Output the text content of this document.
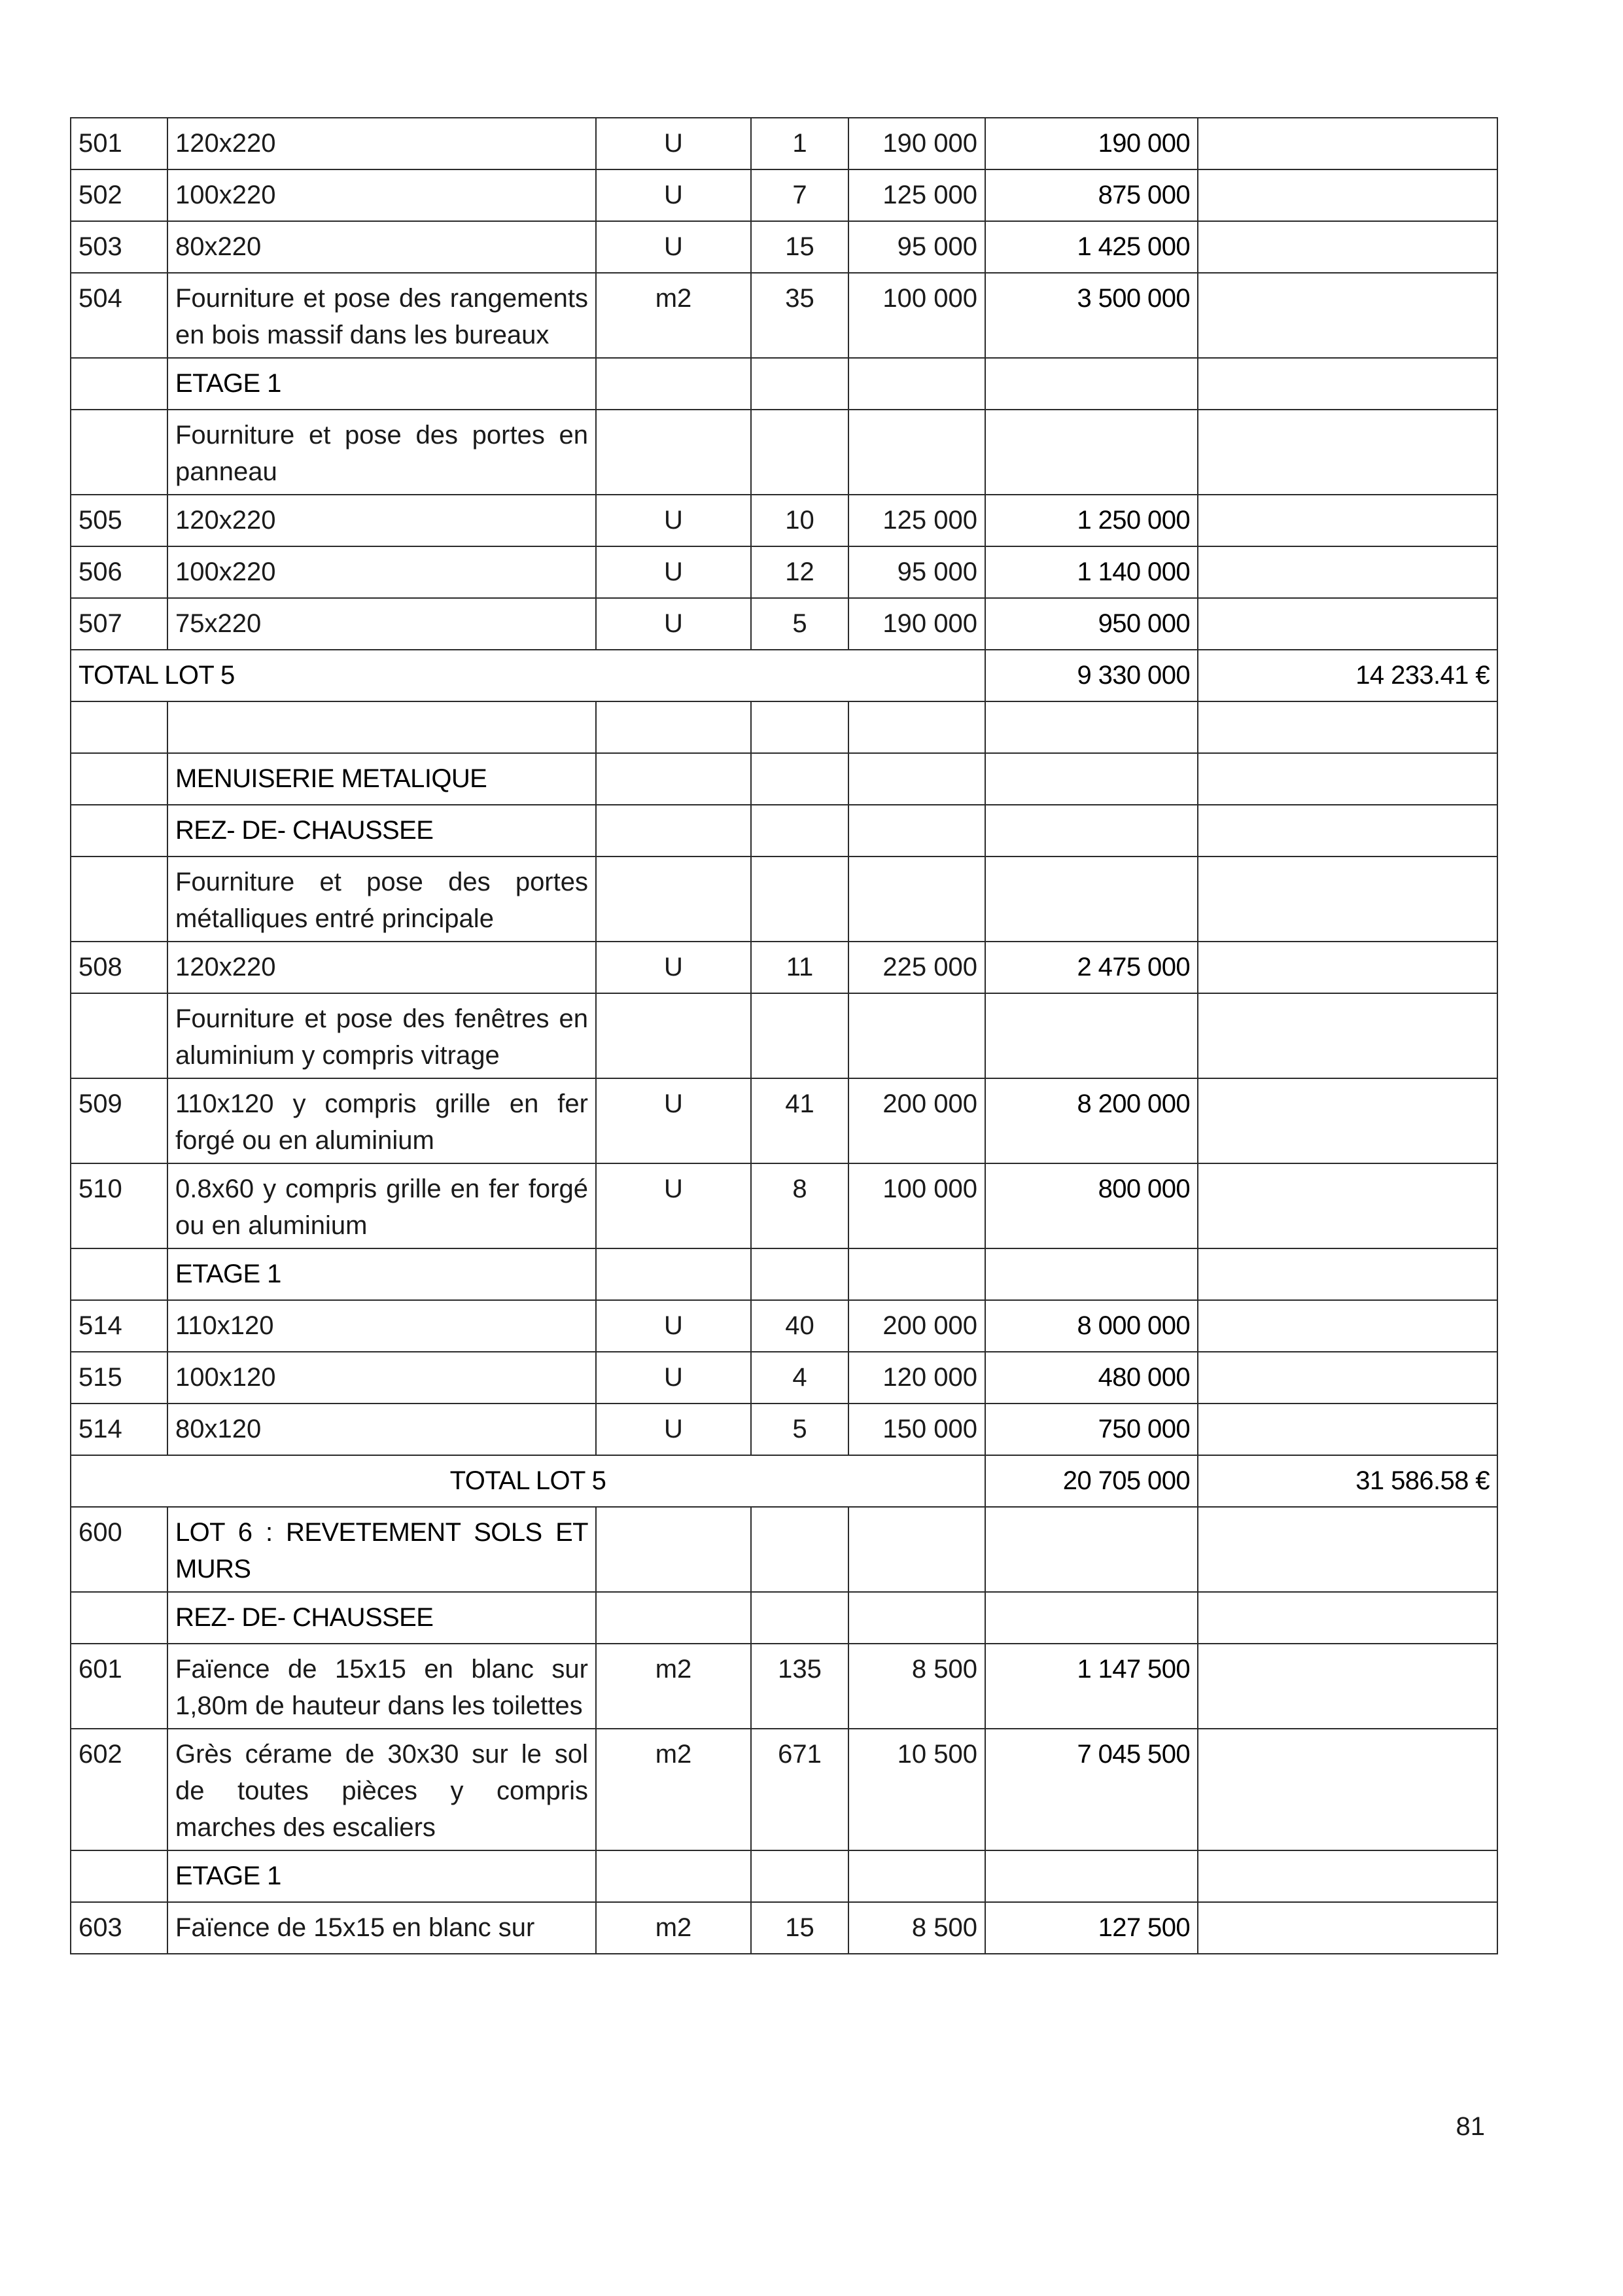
501	120x220	U	1	190 000	190 000	
502	100x220	U	7	125 000	875 000	
503	80x220	U	15	95 000	1 425 000	
504	Fourniture et pose des rangements en bois massif dans les bureaux	m2	35	100 000	3 500 000	
	ETAGE 1					
	Fourniture et pose des portes en panneau					
505	120x220	U	10	125 000	1 250 000	
506	100x220	U	12	95 000	1 140 000	
507	75x220	U	5	190 000	950 000	
TOTAL LOT 5					9 330 000	14 233.41 €

	MENUISERIE METALIQUE					
	REZ- DE- CHAUSSEE					
	Fourniture et pose des portes métalliques entré principale					
508	120x220	U	11	225 000	2 475 000	
	Fourniture et pose des fenêtres en aluminium y compris vitrage					
509	110x120 y compris grille en fer forgé ou en aluminium	U	41	200 000	8 200 000	
510	0.8x60 y compris grille en fer forgé ou en aluminium	U	8	100 000	800 000	
	ETAGE 1					
514	110x120	U	40	200 000	8 000 000	
515	100x120	U	4	120 000	480 000	
514	80x120	U	5	150 000	750 000	
TOTAL LOT 5					20 705 000	31 586.58 €
600	LOT 6 : REVETEMENT SOLS ET MURS					
	REZ- DE- CHAUSSEE					
601	Faïence de 15x15 en blanc sur 1,80m de hauteur dans les toilettes	m2	135	8 500	1 147 500	
602	Grès cérame de 30x30 sur le sol de toutes pièces y compris marches des escaliers	m2	671	10 500	7 045 500	
	ETAGE 1					
603	Faïence de 15x15 en blanc sur	m2	15	8 500	127 500	
81
